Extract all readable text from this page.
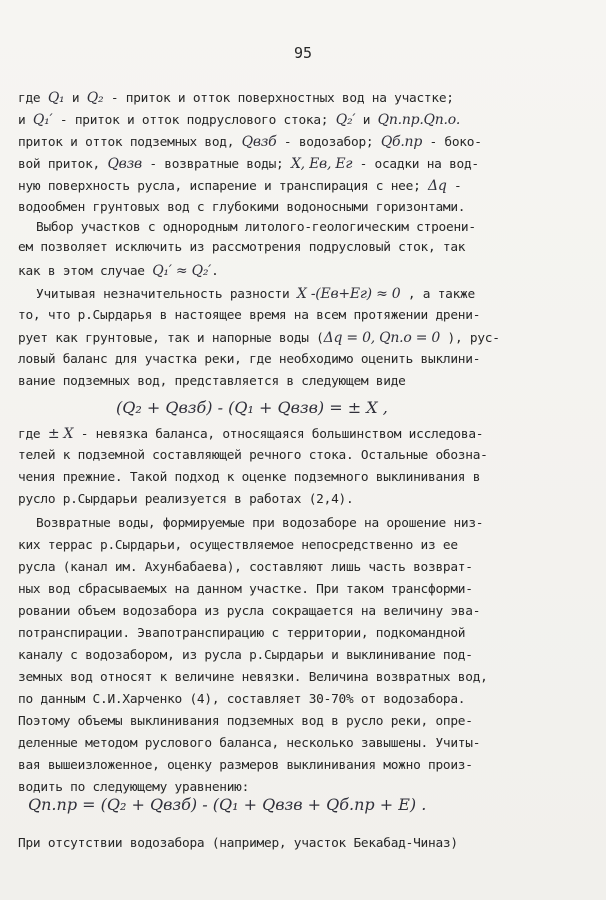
95
где Q₁ и Q₂ - приток и отток поверхностных вод на участке;
и Q₁′ - приток и отток подруслового стока; Q₂′ и Qп.пр.Qп.о.
приток и отток подземных вод, Qвзб - водозабор; Qб.пр - боко-
вой приток, Qвзв - возвратные воды; X, Eв, Eг - осадки на вод-
ную поверхность русла, испарение и транспирация с нее; Δq -
водообмен грунтовых вод с глубокими водоносными горизонтами.
Выбор участков с однородным литолого-геологическим строени-
ем позволяет исключить из рассмотрения подрусловый сток, так
как в этом случае Q₁′ ≈ Q₂′.
Учитывая незначительность разности X -(Eв+Eг) ≈ 0 , а также
то, что р.Сырдарья в настоящее время на всем протяжении дрени-
рует как грунтовые, так и напорные воды (Δq = 0, Qп.о = 0 ), рус-
ловый баланс для участка реки, где необходимо оценить выклини-
вание подземных вод, представляется в следующем виде
где ± X - невязка баланса, относящаяся большинством исследова-
телей к подземной составляющей речного стока. Остальные обозна-
чения прежние. Такой подход к оценке подземного выклинивания в
русло р.Сырдарьи реализуется в работах (2,4).
Возвратные воды, формируемые при водозаборе на орошение низ-
ких террас р.Сырдарьи, осуществляемое непосредственно из ее
русла (канал им. Ахунбабаева), составляют лишь часть возврат-
ных вод сбрасываемых на данном участке. При таком трансформи-
ровании объем водозабора из русла сокращается на величину эва-
потранспирации. Эвапотранспирацию с территории, подкомандной
каналу с водозабором, из русла р.Сырдарьи и выклинивание под-
земных вод относят к величине невязки. Величина возвратных вод,
по данным С.И.Харченко (4), составляет 30-70% от водозабора.
Поэтому объемы выклинивания подземных вод в русло реки, опре-
деленные методом руслового баланса, несколько завышены. Учиты-
вая вышеизложенное, оценку размеров выклинивания можно произ-
водить по следующему уравнению:
При отсутствии водозабора (например, участок Бекабад-Чиназ)
(Q₂ + Qвзб) - (Q₁ + Qвзв) = ± X ,
Qп.пр = (Q₂ + Qвзб) - (Q₁ + Qвзв + Qб.пр + E) .
